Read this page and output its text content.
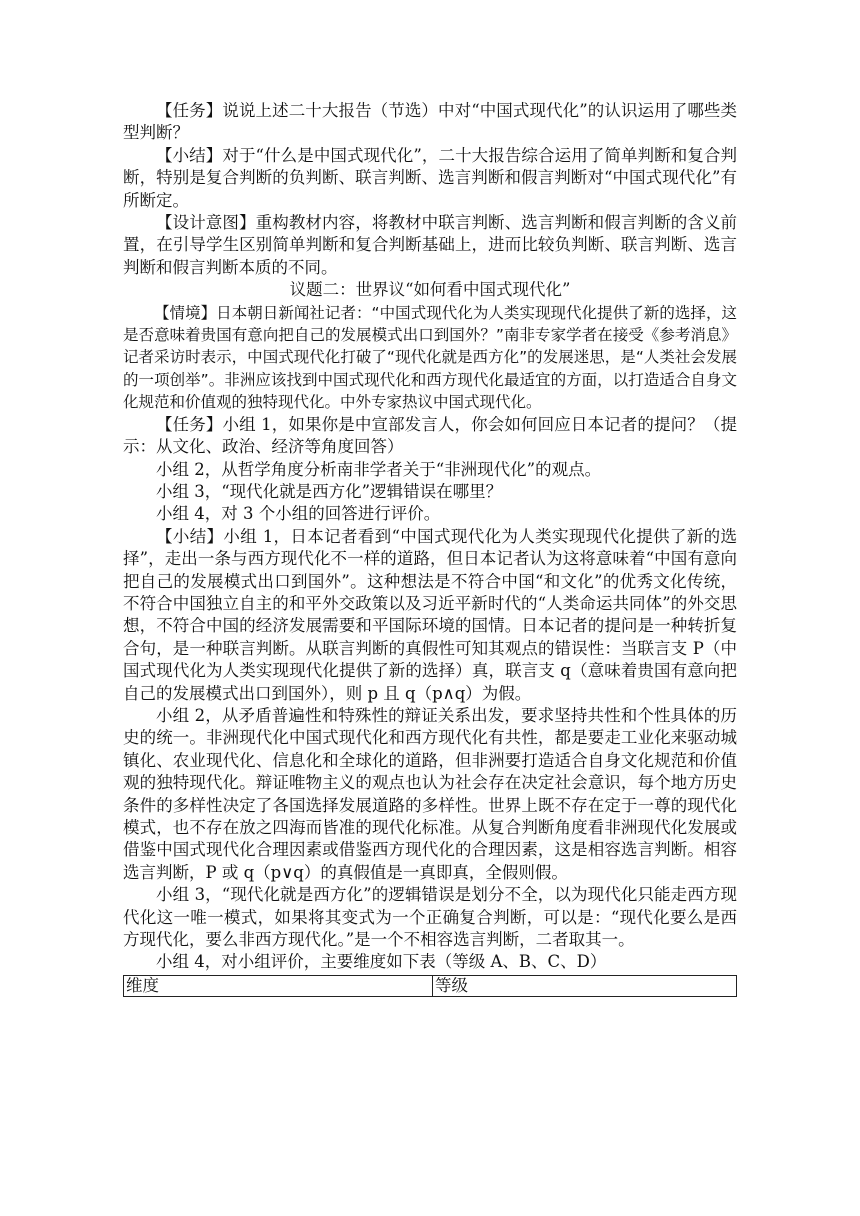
【任务】说说上述二十大报告（节选）中对“中国式现代化”的认识运用了哪些类型判断？

【小结】对于“什么是中国式现代化”，二十大报告综合运用了简单判断和复合判断，特别是复合判断的负判断、联言判断、选言判断和假言判断对“中国式现代化”有所断定。

【设计意图】重构教材内容，将教材中联言判断、选言判断和假言判断的含义前置，在引导学生区别简单判断和复合判断基础上，进而比较负判断、联言判断、选言判断和假言判断本质的不同。

议题二：世界议“如何看中国式现代化”

【情境】日本朝日新闻社记者：“中国式现代化为人类实现现代化提供了新的选择，这是否意味着贵国有意向把自己的发展模式出口到国外？”南非专家学者在接受《参考消息》记者采访时表示，中国式现代化打破了“现代化就是西方化”的发展迷思，是“人类社会发展的一项创举”。非洲应该找到中国式现代化和西方现代化最适宜的方面，以打造适合自身文化规范和价值观的独特现代化。中外专家热议中国式现代化。

【任务】小组 1，如果你是中宣部发言人，你会如何回应日本记者的提问？（提示：从文化、政治、经济等角度回答）

小组 2，从哲学角度分析南非学者关于“非洲现代化”的观点。

小组 3，“现代化就是西方化”逻辑错误在哪里？

小组 4，对 3 个小组的回答进行评价。

【小结】小组 1，日本记者看到“中国式现代化为人类实现现代化提供了新的选择”，走出一条与西方现代化不一样的道路，但日本记者认为这将意味着“中国有意向把自己的发展模式出口到国外”。这种想法是不符合中国“和文化”的优秀文化传统，不符合中国独立自主的和平外交政策以及习近平新时代的“人类命运共同体”的外交思想，不符合中国的经济发展需要和平国际环境的国情。日本记者的提问是一种转折复合句，是一种联言判断。从联言判断的真假性可知其观点的错误性：当联言支 P（中国式现代化为人类实现现代化提供了新的选择）真，联言支 q（意味着贵国有意向把自己的发展模式出口到国外），则 p 且 q（p∧q）为假。

小组 2，从矛盾普遍性和特殊性的辩证关系出发，要求坚持共性和个性具体的历史的统一。非洲现代化中国式现代化和西方现代化有共性，都是要走工业化来驱动城镇化、农业现代化、信息化和全球化的道路，但非洲要打造适合自身文化规范和价值观的独特现代化。辩证唯物主义的观点也认为社会存在决定社会意识，每个地方历史条件的多样性决定了各国选择发展道路的多样性。世界上既不存在定于一尊的现代化模式，也不存在放之四海而皆准的现代化标准。从复合判断角度看非洲现代化发展或借鉴中国式现代化合理因素或借鉴西方现代化的合理因素，这是相容选言判断。相容选言判断，P 或 q（p∨q）的真假值是一真即真，全假则假。

小组 3，“现代化就是西方化”的逻辑错误是划分不全，以为现代化只能走西方现代化这一唯一模式，如果将其变式为一个正确复合判断，可以是：“现代化要么是西方现代化，要么非西方现代化。”是一个不相容选言判断，二者取其一。

小组 4，对小组评价，主要维度如下表（等级 A、B、C、D）

维度	等级
